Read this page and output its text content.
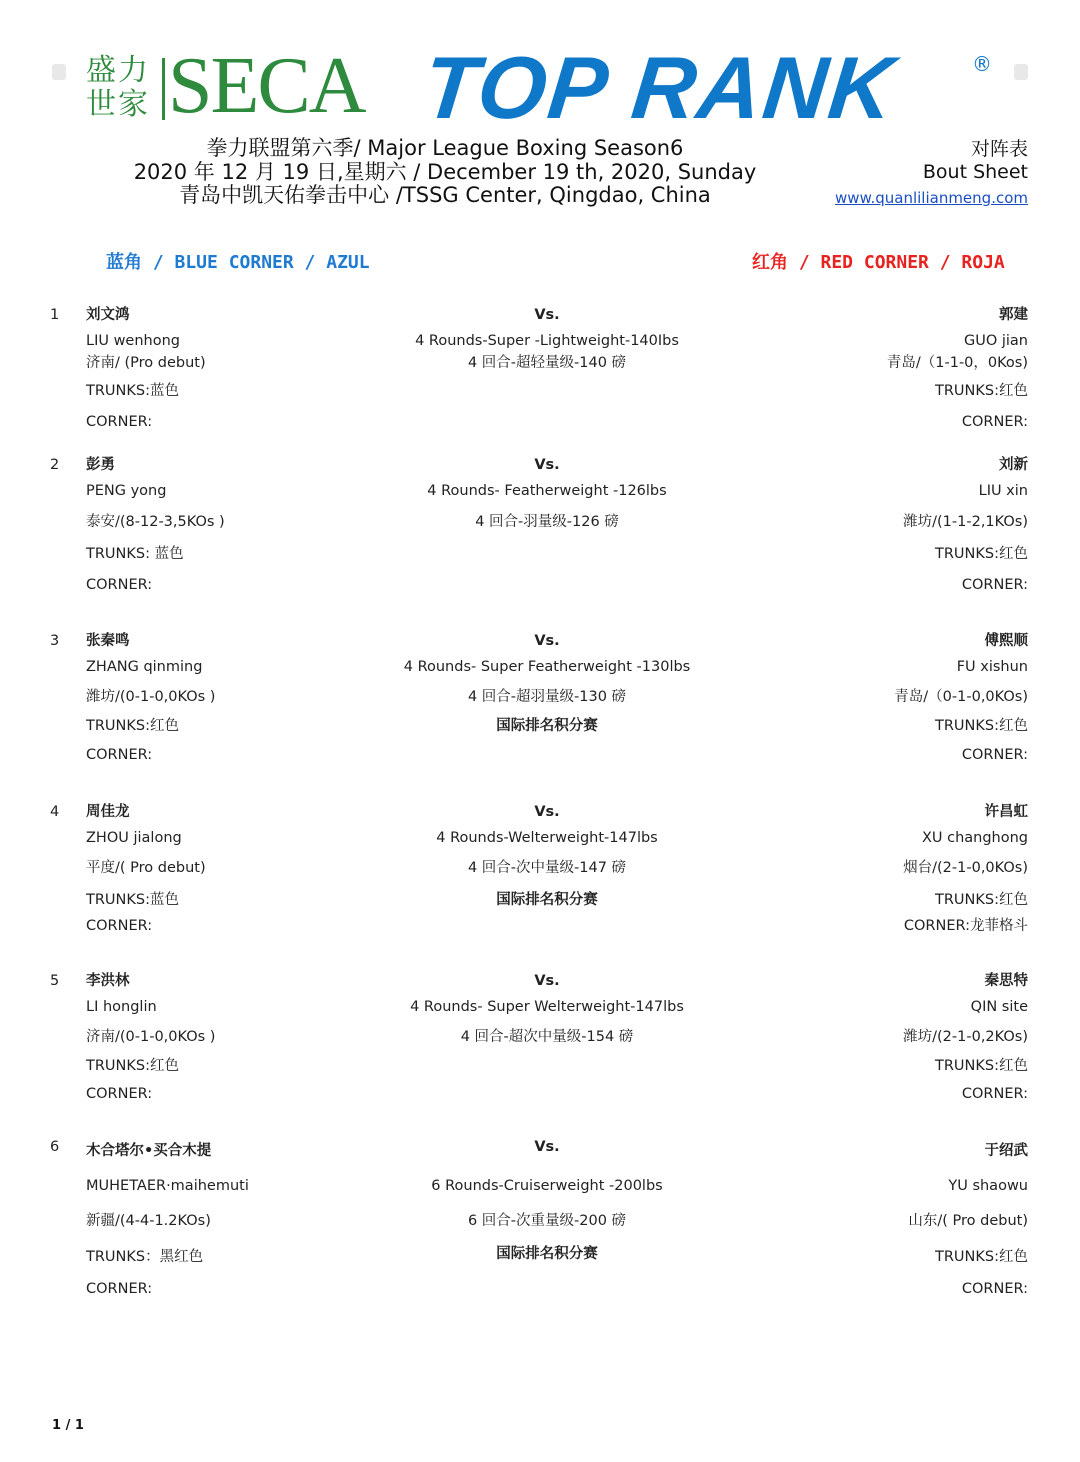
盛力世家 SECA TOP RANK	®
拳力联盟第六季/ Major League Boxing Season6
2020 年 12 月 19 日,星期六 / December 19 th, 2020, Sunday
青岛中凯天佑拳击中心 /TSSG Center, Qingdao, China
对阵表
Bout Sheet
www.quanlilianmeng.com
蓝角 / BLUE CORNER / AZUL	红角 / RED CORNER / ROJA
1 刘文鸿	Vs.	郭建
LIU wenhong	4 Rounds-Super -Lightweight-140Ibs	GUO jian
济南/ (Pro debut)	4 回合-超轻量级-140 磅	青岛/（1-1-0，0Kos)
TRUNKS:蓝色	TRUNKS:红色
CORNER:	CORNER:
2 彭勇	Vs.	刘新
PENG yong	4 Rounds- Featherweight -126lbs	LIU xin
泰安/(8-12-3,5KOs )	4 回合-羽量级-126 磅	潍坊/(1-1-2,1KOs)
TRUNKS: 蓝色	TRUNKS:红色
CORNER:	CORNER:
3 张秦鸣	Vs.	傅熙顺
ZHANG qinming	4 Rounds- Super Featherweight -130lbs	FU xishun
潍坊/(0-1-0,0KOs )	4 回合-超羽量级-130 磅	青岛/（0-1-0,0KOs)
TRUNKS:红色	国际排名积分赛	TRUNKS:红色
CORNER:	CORNER:
4 周佳龙	Vs.	许昌虹
ZHOU jialong	4 Rounds-Welterweight-147lbs	XU changhong
平度/( Pro debut)	4 回合-次中量级-147 磅	烟台/(2-1-0,0KOs)
TRUNKS:蓝色	国际排名积分赛	TRUNKS:红色
CORNER:	CORNER:龙菲格斗
5 李洪林	Vs.	秦思特
LI honglin	4 Rounds- Super Welterweight-147lbs	QIN site
济南/(0-1-0,0KOs )	4 回合-超次中量级-154 磅	潍坊/(2-1-0,2KOs)
TRUNKS:红色	TRUNKS:红色
CORNER:	CORNER:
6 木合塔尔•买合木提	Vs.	于绍武
MUHETAER·maihemuti	6 Rounds-Cruiserweight -200lbs	YU shaowu
新疆/(4-4-1.2KOs)	6 回合-次重量级-200 磅	山东/( Pro debut)
TRUNKS：黑红色	国际排名积分赛	TRUNKS:红色
CORNER:	CORNER:
1 / 1
